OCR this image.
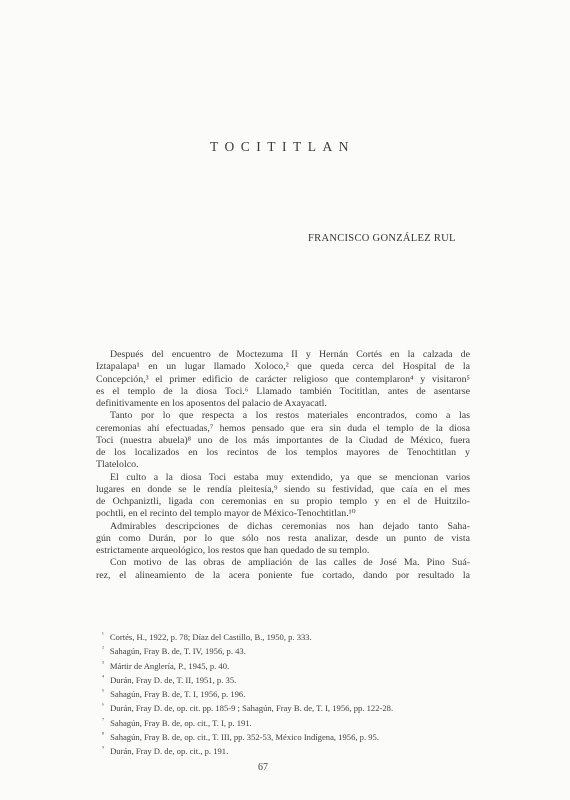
TOCITITLAN
FRANCISCO GONZÁLEZ RUL
Después del encuentro de Moctezuma II y Hernán Cortés en la calzada de
Iztapalapa¹ en un lugar llamado Xoloco,² que queda cerca del Hospital de la
Concepción,³ el primer edificio de carácter religioso que contemplaron⁴ y visitaron⁵
es el templo de la diosa Toci.⁶ Llamado también Tocititlan, antes de asentarse
definitivamente en los aposentos del palacio de Axayacatl.
Tanto por lo que respecta a los restos materiales encontrados, como a las
ceremonias ahí efectuadas,⁷ hemos pensado que era sin duda el templo de la diosa
Toci (nuestra abuela)⁸ uno de los más importantes de la Ciudad de México, fuera
de los localizados en los recintos de los templos mayores de Tenochtitlan y
Tlatelolco.
El culto a la diosa Toci estaba muy extendido, ya que se mencionan varios
lugares en donde se le rendía pleitesía,⁹ siendo su festividad, que caía en el mes
de Ochpaniztli, ligada con ceremonias en su propio templo y en el de Huitzilo-
pochtli, en el recinto del templo mayor de México-Tenochtitlan.¹⁰
Admirables descripciones de dichas ceremonias nos han dejado tanto Saha-
gún como Durán, por lo que sólo nos resta analizar, desde un punto de vista
estrictamente arqueológico, los restos que han quedado de su templo.
Con motivo de las obras de ampliación de las calles de José Ma. Pino Suá-
rez, el alineamiento de la acera poniente fue cortado, dando por resultado la
$^{^1}$ Cortés, H., 1922, p. 78; Díaz del Castillo, B., 1950, p. 333.
$^{^2}$ Sahagún, Fray B. de, T. IV, 1956, p. 43.
$^{^3}$ Mártir de Anglería, P., 1945, p. 40.
$^{^4}$ Durán, Fray D. de, T. II, 1951, p. 35.
$^{^5}$ Sahagún, Fray B. de, T. I, 1956, p. 196.
$^{^6}$ Durán, Fray D. de, op. cit. pp. 185-9 ; Sahagún, Fray B. de, T. I, 1956, pp. 122-28.
$^{^7}$ Sahagún, Fray B. de, op. cit., T. I, p. 191.
$^{^8}$ Sahagún, Fray B. de, op. cit., T. III, pp. 352-53, México Indígena, 1956, p. 95.
$^{^9}$ Durán, Fray D. de, op. cit., p. 191.
67
